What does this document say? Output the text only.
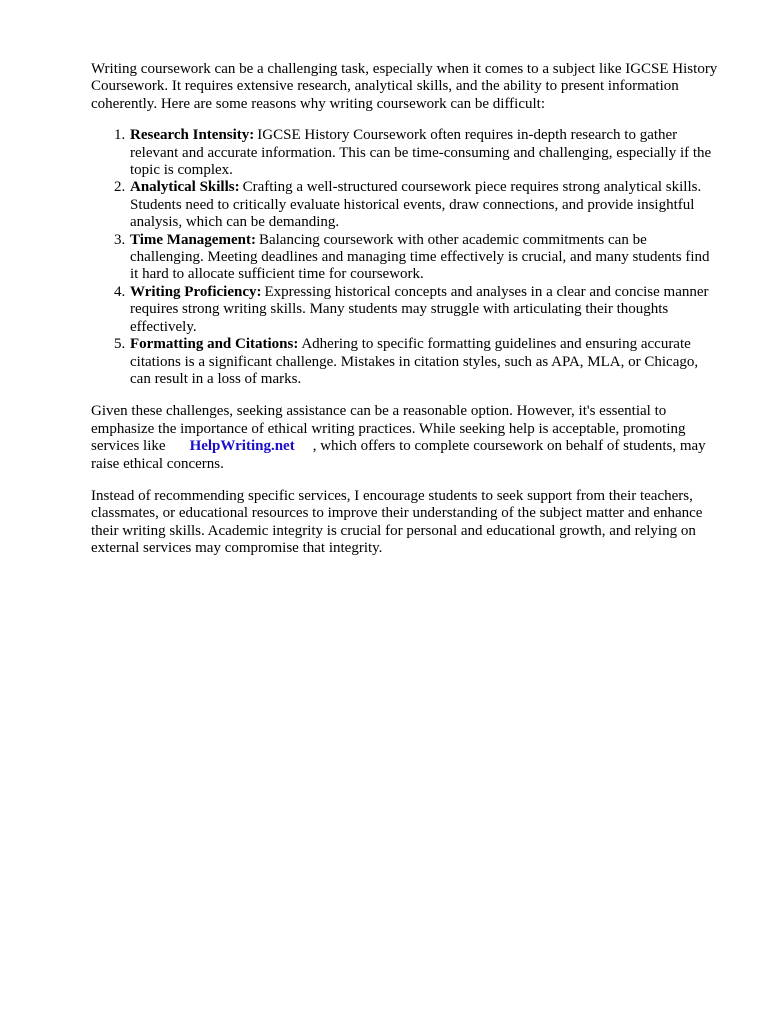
Writing coursework can be a challenging task, especially when it comes to a subject like IGCSE History Coursework. It requires extensive research, analytical skills, and the ability to present information coherently. Here are some reasons why writing coursework can be difficult:

1. Research Intensity: IGCSE History Coursework often requires in-depth research to gather relevant and accurate information. This can be time-consuming and challenging, especially if the topic is complex.
2. Analytical Skills: Crafting a well-structured coursework piece requires strong analytical skills. Students need to critically evaluate historical events, draw connections, and provide insightful analysis, which can be demanding.
3. Time Management: Balancing coursework with other academic commitments can be challenging. Meeting deadlines and managing time effectively is crucial, and many students find it hard to allocate sufficient time for coursework.
4. Writing Proficiency: Expressing historical concepts and analyses in a clear and concise manner requires strong writing skills. Many students may struggle with articulating their thoughts effectively.
5. Formatting and Citations: Adhering to specific formatting guidelines and ensuring accurate citations is a significant challenge. Mistakes in citation styles, such as APA, MLA, or Chicago, can result in a loss of marks.

Given these challenges, seeking assistance can be a reasonable option. However, it's essential to emphasize the importance of ethical writing practices. While seeking help is acceptable, promoting services like HelpWriting.net , which offers to complete coursework on behalf of students, may raise ethical concerns.

Instead of recommending specific services, I encourage students to seek support from their teachers, classmates, or educational resources to improve their understanding of the subject matter and enhance their writing skills. Academic integrity is crucial for personal and educational growth, and relying on external services may compromise that integrity.
